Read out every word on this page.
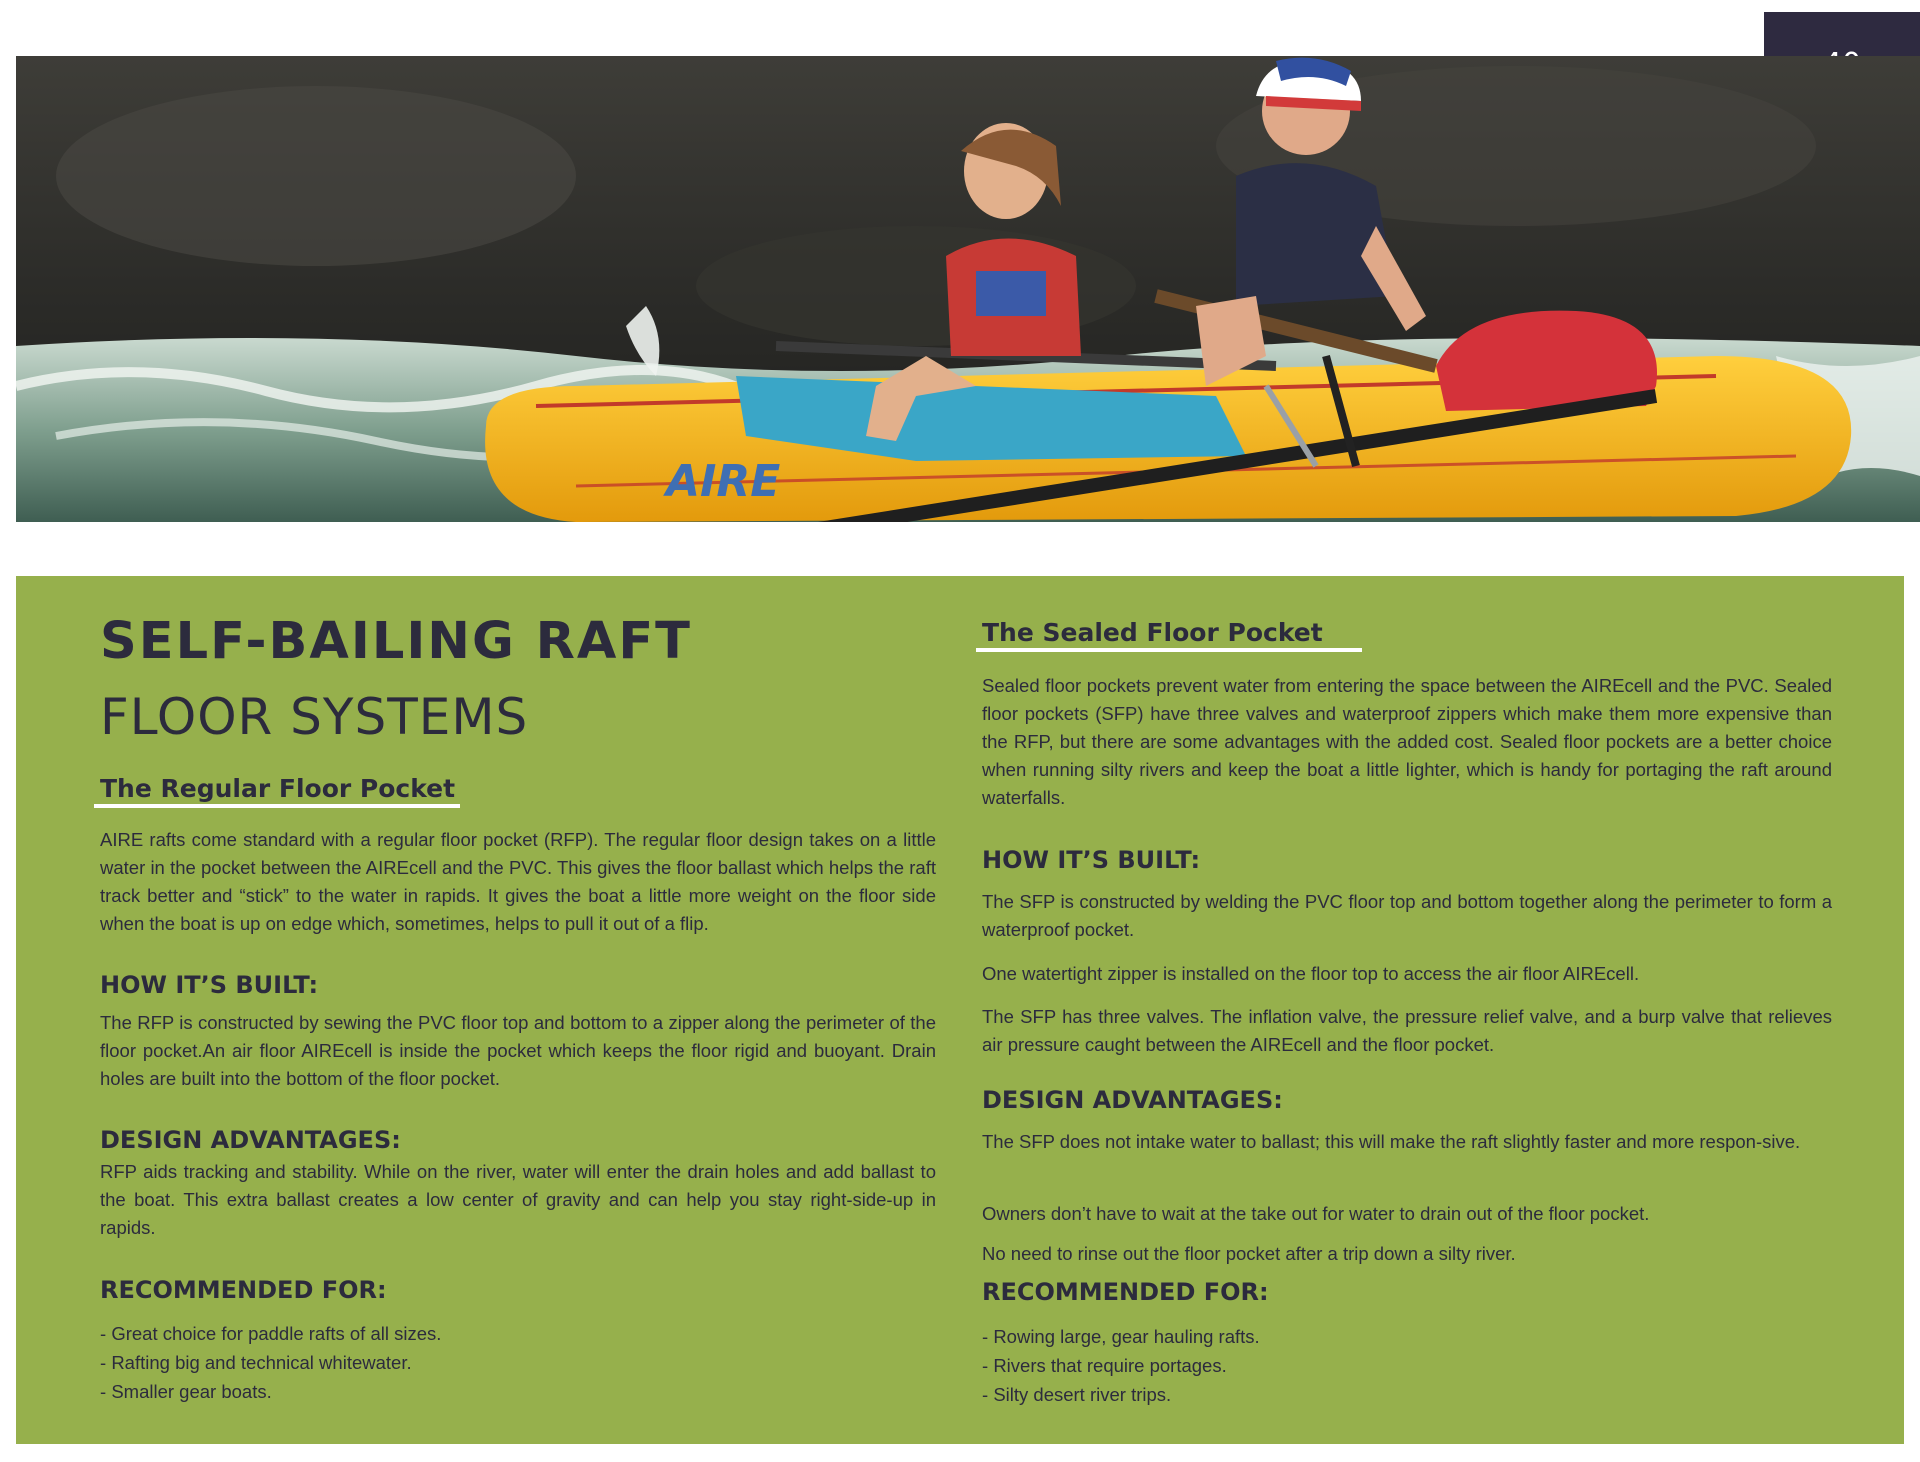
AIRE
SELF-BAILING RAFT
FLOOR SYSTEMS
The Regular Floor Pocket

AIRE rafts come standard with a regular floor pocket (RFP). The regular floor design takes on a little water in the pocket between the AIREcell and the PVC. This gives the floor ballast which helps the raft track better and “stick” to the water in rapids. It gives the boat a little more weight on the floor side when the boat is up on edge which, sometimes, helps to pull it out of a flip.

HOW IT’S BUILT:

The RFP is constructed by sewing the PVC floor top and bottom to a zipper along the perimeter of the floor pocket.An air floor AIREcell is inside the pocket which keeps the floor rigid and buoyant. Drain holes are built into the bottom of the floor pocket.

DESIGN ADVANTAGES:

RFP aids tracking and stability. While on the river, water will enter the drain holes and add ballast to the boat. This extra ballast creates a low center of gravity and can help you stay right-side-up in rapids.

RECOMMENDED FOR:
- Great choice for paddle rafts of all sizes.
- Rafting big and technical whitewater.
- Smaller gear boats.
The Sealed Floor Pocket

Sealed floor pockets prevent water from entering the space between the AIREcell and the PVC. Sealed floor pockets (SFP) have three valves and waterproof zippers which make them more expensive than the RFP, but there are some advantages with the added cost. Sealed floor pockets are a better choice when running silty rivers and keep the boat a little lighter, which is handy for portaging the raft around waterfalls.

HOW IT’S BUILT:

The SFP is constructed by welding the PVC floor top and bottom together along the perimeter to form a waterproof pocket.

One watertight zipper is installed on the floor top to access the air floor AIREcell.

The SFP has three valves. The inflation valve, the pressure relief valve, and a burp valve that relieves air pressure caught between the AIREcell and the floor pocket.

DESIGN ADVANTAGES:

The SFP does not intake water to ballast; this will make the raft slightly faster and more respon-sive.

Owners don’t have to wait at the take out for water to drain out of the floor pocket.

No need to rinse out the floor pocket after a trip down a silty river.

RECOMMENDED FOR:
- Rowing large, gear hauling rafts.
- Rivers that require portages.
- Silty desert river trips.
